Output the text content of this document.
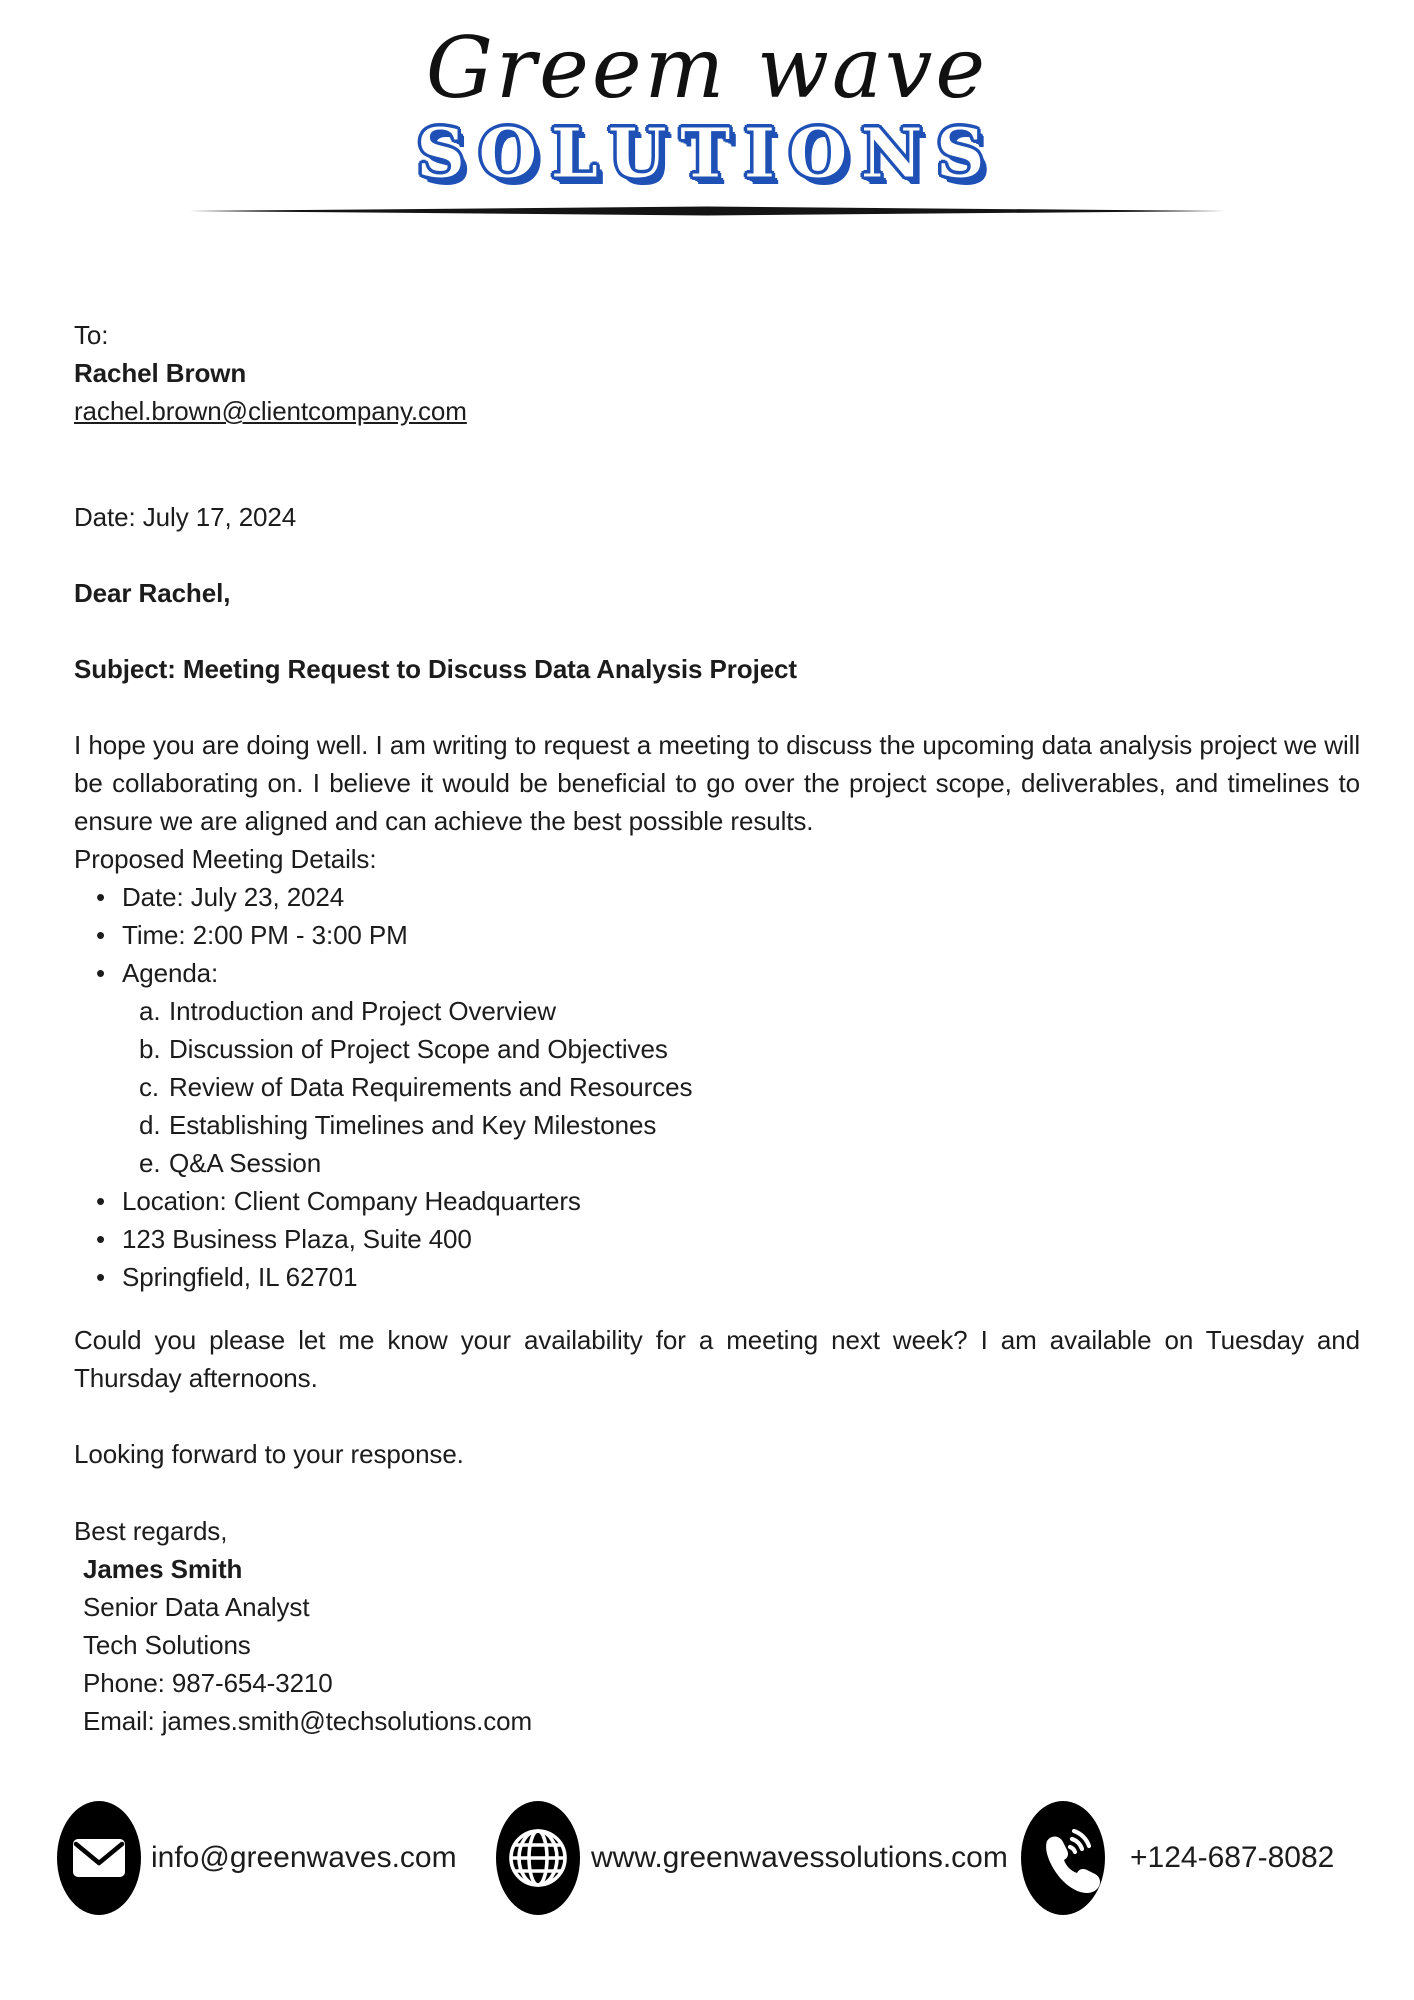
Greem wave
SOLUTIONS
To:
Rachel Brown
rachel.brown@clientcompany.com
Date: July 17, 2024
Dear Rachel,
Subject: Meeting Request to Discuss Data Analysis Project

I hope you are doing well. I am writing to request a meeting to discuss the upcoming data analysis project we will be collaborating on. I believe it would be beneficial to go over the project scope, deliverables, and timelines to ensure we are aligned and can achieve the best possible results.

Proposed Meeting Details:
• Date: July 23, 2024
• Time: 2:00 PM - 3:00 PM
• Agenda:
Introduction and Project Overview
Discussion of Project Scope and Objectives
Review of Data Requirements and Resources
Establishing Timelines and Key Milestones
Q&A Session
• Location: Client Company Headquarters
• 123 Business Plaza, Suite 400
• Springfield, IL 62701
Could you please let me know your availability for a meeting next week? I am available on Tuesday and Thursday afternoons.
Looking forward to your response.
Best regards,
James Smith
Senior Data Analyst
Tech Solutions
Phone: 987-654-3210
Email: james.smith@techsolutions.com
info@greenwaves.com	www.greenwavessolutions.com	+124-687-8082
